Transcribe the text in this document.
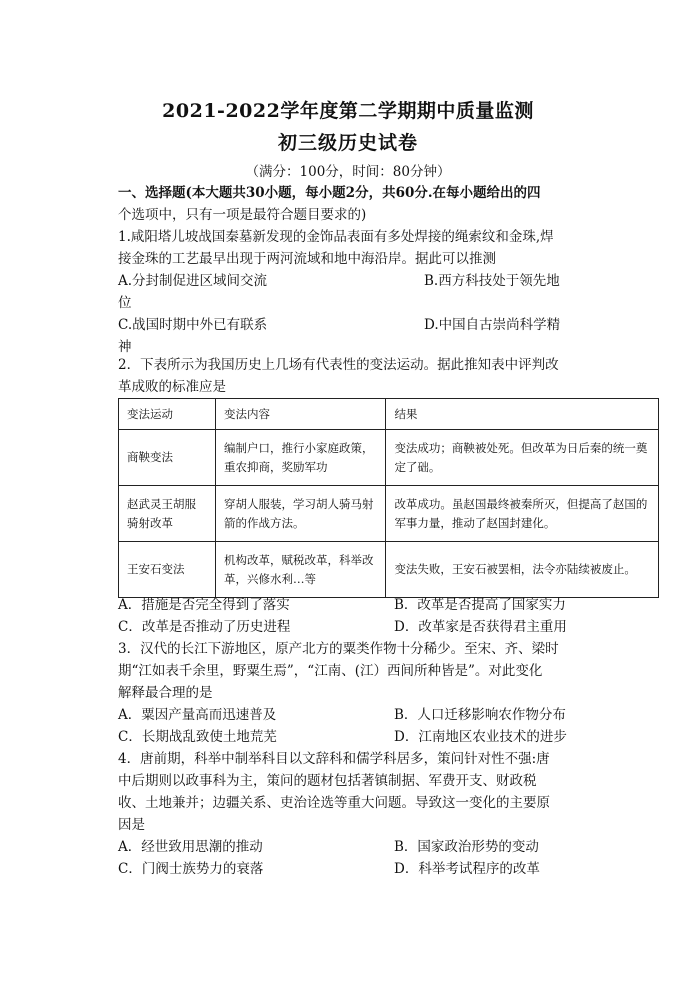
2021-2022学年度第二学期期中质量监测
初三级历史试卷
（满分：100分，时间：80分钟）
一、选择题(本大题共30小题，每小题2分，共60分.在每小题给出的四
个选项中，只有一项是最符合题目要求的)
1.咸阳塔儿坡战国秦墓新发现的金饰品表面有多处焊接的绳索纹和金珠,焊
接金珠的工艺最早出现于两河流域和地中海沿岸。据此可以推测
A.分封制促进区域间交流	B.西方科技处于领先地
位
C.战国时期中外已有联系	D.中国自古崇尚科学精
神
2．下表所示为我国历史上几场有代表性的变法运动。据此推知表中评判改
革成败的标准应是
变法运动	变法内容	结果
商鞅变法	编制户口，推行小家庭政策，重农抑商，奖励军功	变法成功；商鞅被处死。但改革为日后秦的统一奠定了础。
赵武灵王胡服骑射改革	穿胡人服装，学习胡人骑马射箭的作战方法。	改革成功。虽赵国最终被秦所灭，但提高了赵国的军事力量，推动了赵国封建化。
王安石变法	机构改革，赋税改革，科举改革，兴修水利…等	变法失败，王安石被罢相，法令亦陆续被废止。
A．措施是否完全得到了落实	B．改革是否提高了国家实力
C．改革是否推动了历史进程	D．改革家是否获得君主重用
3．汉代的长江下游地区，原产北方的粟类作物十分稀少。至宋、齐、梁时
期“江如表千余里，野粟生焉”，“江南、(江）西间所种皆是”。对此变化
解释最合理的是
A．粟因产量高而迅速普及	B．人口迁移影响农作物分布
C．长期战乱致使土地荒芜	D．江南地区农业技术的进步
4．唐前期，科举中制举科目以文辞科和儒学科居多，策问针对性不强:唐
中后期则以政事科为主，策问的题材包括著镇制据、军费开支、财政税
收、土地兼并；边疆关系、吏治诠选等重大问题。导致这一变化的主要原
因是
A．经世致用思潮的推动	B．国家政治形势的变动
C．门阀士族势力的衰落	D．科举考试程序的改革
